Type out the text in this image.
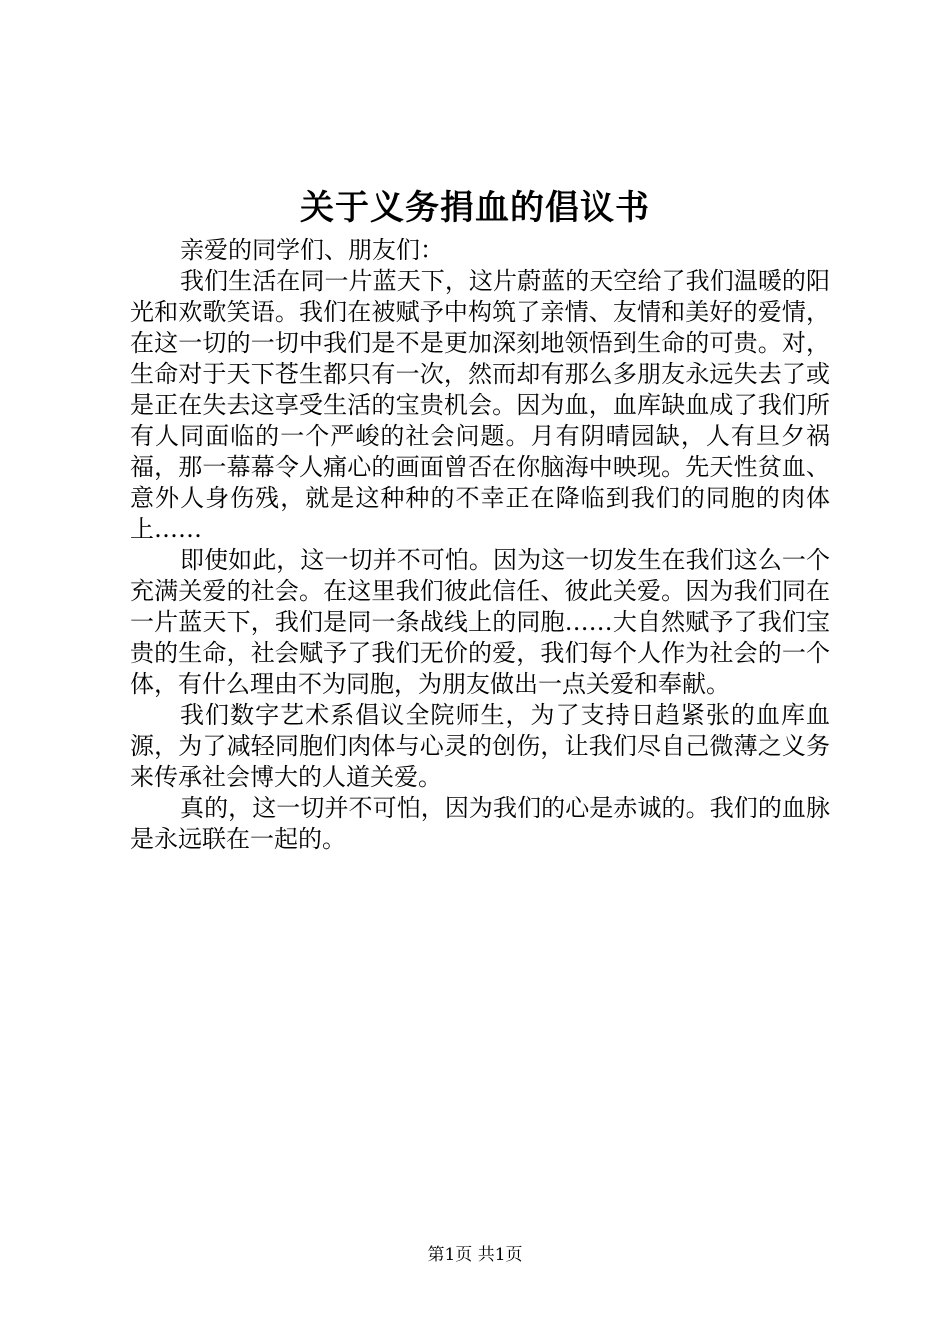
关于义务捐血的倡议书

亲爱的同学们、朋友们：

我们生活在同一片蓝天下，这片蔚蓝的天空给了我们温暖的阳光和欢歌笑语。我们在被赋予中构筑了亲情、友情和美好的爱情，在这一切的一切中我们是不是更加深刻地领悟到生命的可贵。对，生命对于天下苍生都只有一次，然而却有那么多朋友永远失去了或是正在失去这享受生活的宝贵机会。因为血，血库缺血成了我们所有人同面临的一个严峻的社会问题。月有阴晴园缺，人有旦夕祸福，那一幕幕令人痛心的画面曾否在你脑海中映现。先天性贫血、意外人身伤残，就是这种种的不幸正在降临到我们的同胞的肉体上……

即使如此，这一切并不可怕。因为这一切发生在我们这么一个充满关爱的社会。在这里我们彼此信任、彼此关爱。因为我们同在一片蓝天下，我们是同一条战线上的同胞……大自然赋予了我们宝贵的生命，社会赋予了我们无价的爱，我们每个人作为社会的一个体，有什么理由不为同胞，为朋友做出一点关爱和奉献。

我们数字艺术系倡议全院师生，为了支持日趋紧张的血库血源，为了减轻同胞们肉体与心灵的创伤，让我们尽自己微薄之义务来传承社会博大的人道关爱。

真的，这一切并不可怕，因为我们的心是赤诚的。我们的血脉是永远联在一起的。

第1页 共1页
